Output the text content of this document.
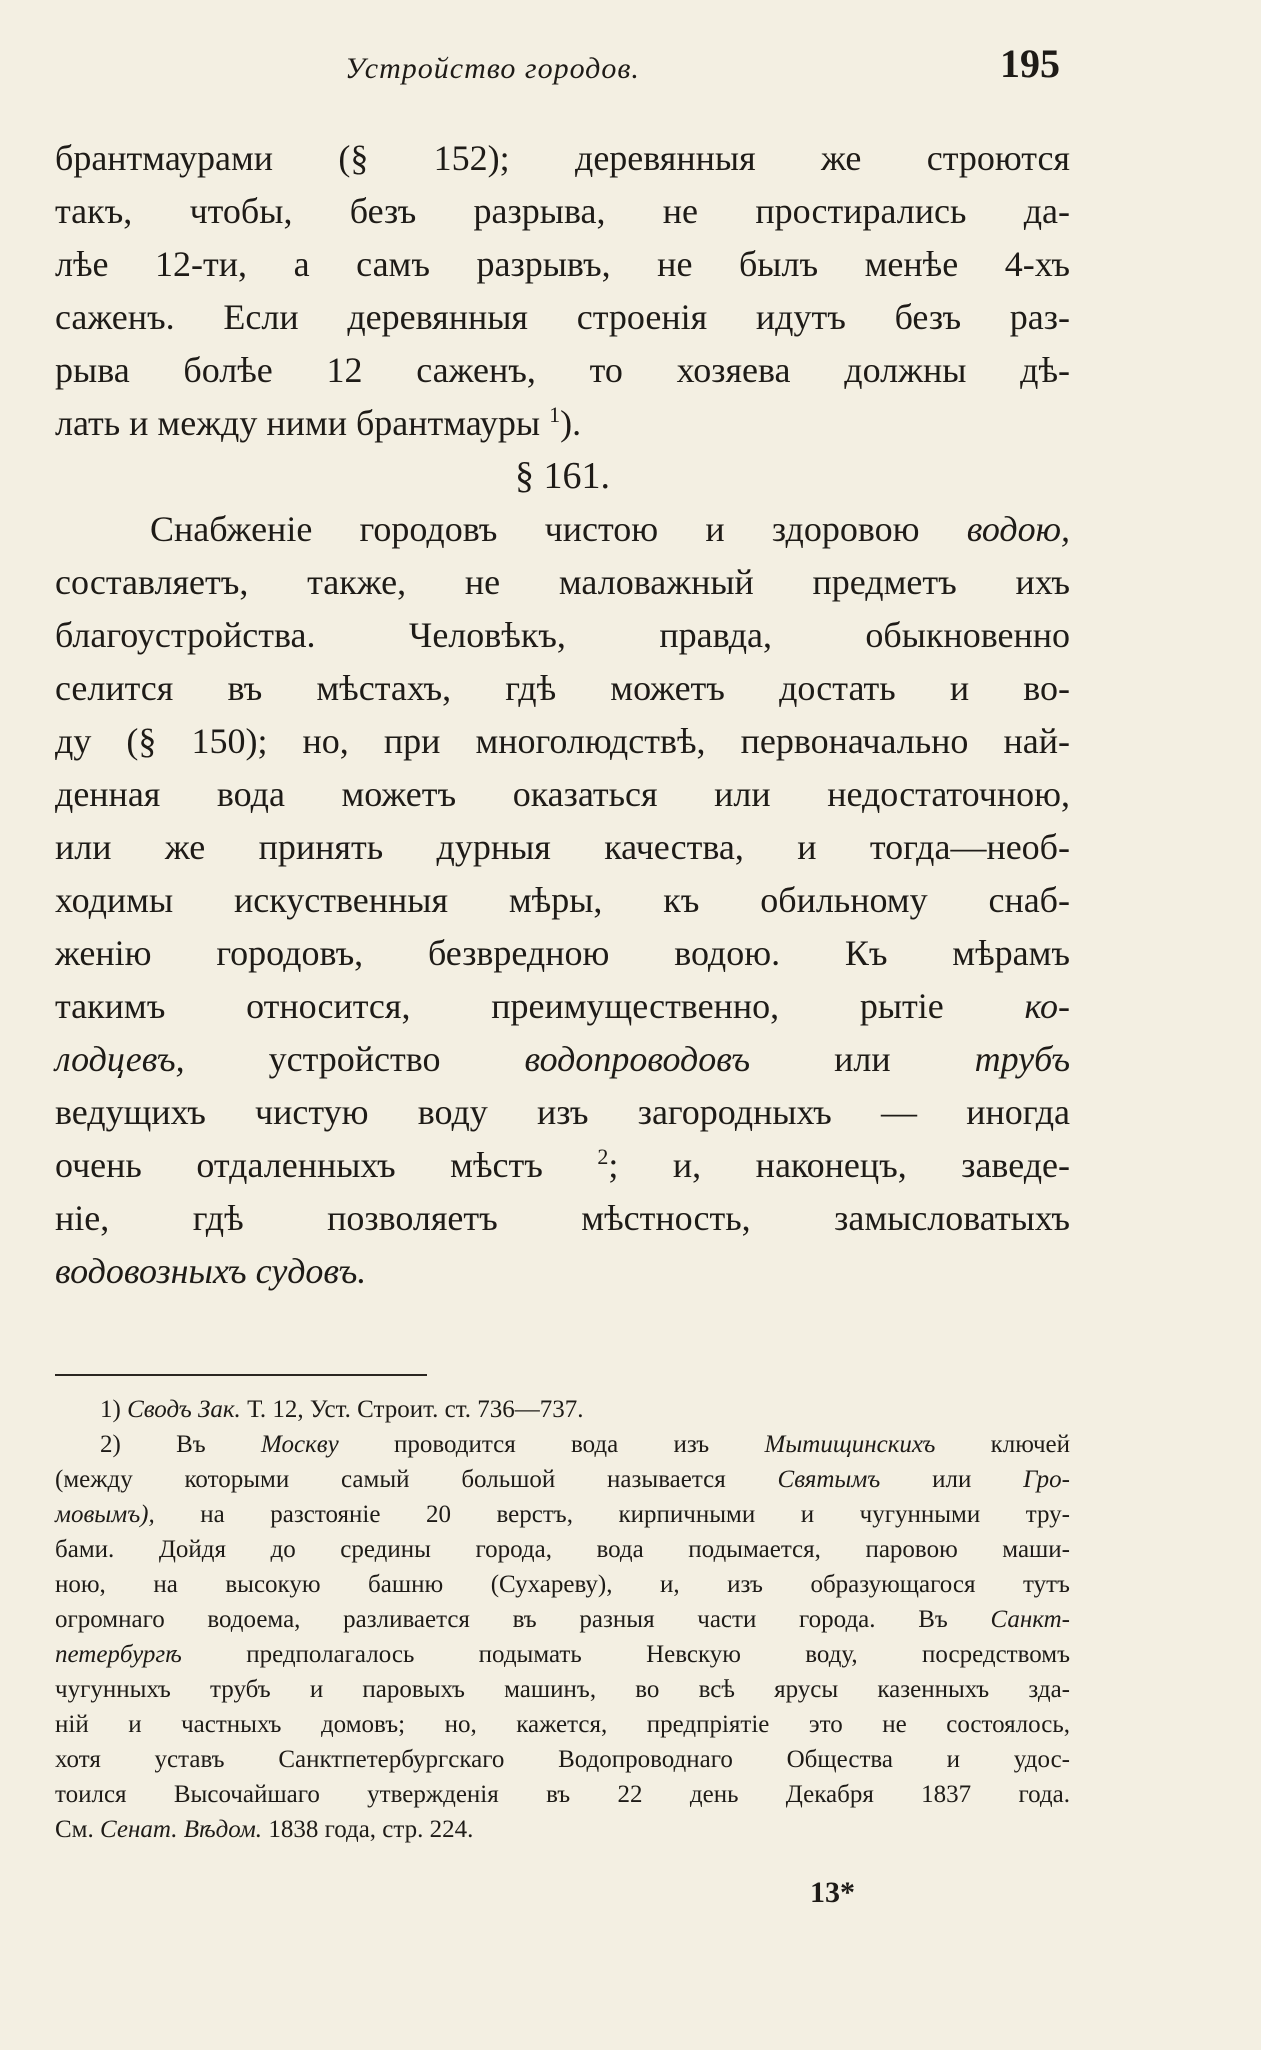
Устройство городов.	195
брантмаурами (§ 152); деревянныя же строются
такъ, чтобы, безъ разрыва, не простирались да-
лѣе 12-ти, а самъ разрывъ, не былъ менѣе 4-хъ
саженъ. Если деревянныя строенія идутъ безъ раз-
рыва болѣе 12 саженъ, то хозяева должны дѣ-
лать и между ними брантмауры $^1$).
§ 161.
Снабженіе городовъ чистою и здоровою водою,
составляетъ, также, не маловажный предметъ ихъ
благоустройства. Человѣкъ, правда, обыкновенно
селится въ мѣстахъ, гдѣ можетъ достать и во-
ду (§ 150); но, при многолюдствѣ, первоначально най-
денная вода можетъ оказаться или недостаточною,
или же принять дурныя качества, и тогда—необ-
ходимы искуственныя мѣры, къ обильному снаб-
женію городовъ, безвредною водою. Къ мѣрамъ
такимъ относится, преимущественно, рытіе ко-
лодцевъ, устройство водопроводовъ или трубъ
ведущихъ чистую воду изъ загородныхъ — иногда
очень отдаленныхъ мѣстъ $^2$; и, наконецъ, заведе-
ніе, гдѣ позволяетъ мѣстность, замысловатыхъ
водовозныхъ судовъ.
1) Сводъ Зак. Т. 12, Уст. Строит. ст. 736—737.
2) Въ Москву проводится вода изъ Мытищинскихъ ключей
(между которыми самый большой называется Святымъ или Гро-
мовымъ), на разстояніе 20 верстъ, кирпичными и чугунными тру-
бами. Дойдя до средины города, вода подымается, паровою маши-
ною, на высокую башню (Сухареву), и, изъ образующагося тутъ
огромнаго водоема, разливается въ разныя части города. Въ Санкт-
петербургѣ	предполагалось подымать Невскую воду, посредствомъ
чугунныхъ трубъ и паровыхъ машинъ, во всѣ ярусы казенныхъ зда-
ній и частныхъ домовъ; но, кажется, предпріятіе это не состоялось,
хотя уставъ Санктпетербургскаго Водопроводнаго Общества и удос-
тоился Высочайшаго утвержденія въ 22 день Декабря 1837 года.
См. Сенат. Вѣдом. 1838 года, стр. 224.
13*
